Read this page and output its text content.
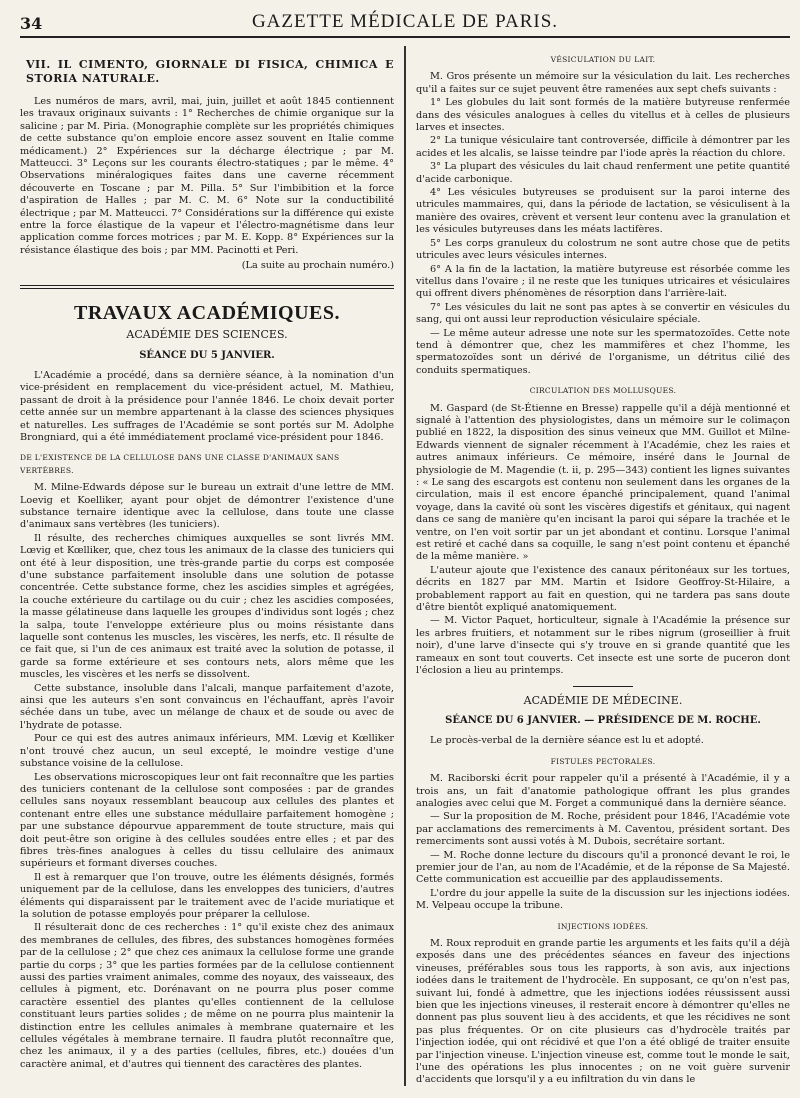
34	GAZETTE MÉDICALE DE PARIS.
VII. IL CIMENTO, GIORNALE DI FISICA, CHIMICA E STORIA NATURALE.

Les numéros de mars, avril, mai, juin, juillet et août 1845 contiennent les travaux originaux suivants : 1° Recherches de chimie organique sur la salicine ; par M. Piria. (Monographie complète sur les propriétés chimiques de cette substance qu'on emploie encore assez souvent en Italie comme médicament.) 2° Expériences sur la décharge électrique ; par M. Matteucci. 3° Leçons sur les courants électro-statiques ; par le même. 4° Observations minéralogiques faites dans une caverne récemment découverte en Toscane ; par M. Pilla. 5° Sur l'imbibition et la force d'aspiration de Halles ; par M. C. M. 6° Note sur la conductibilité électrique ; par M. Matteucci. 7° Considérations sur la différence qui existe entre la force élastique de la vapeur et l'électro-magnétisme dans leur application comme forces motrices ; par M. E. Kopp. 8° Expériences sur la résistance élastique des bois ; par MM. Pacinotti et Peri.

(La suite au prochain numéro.)

TRAVAUX ACADÉMIQUES.
ACADÉMIE DES SCIENCES.
SÉANCE DU 5 JANVIER.

L'Académie a procédé, dans sa dernière séance, à la nomination d'un vice-président en remplacement du vice-président actuel, M. Mathieu, passant de droit à la présidence pour l'année 1846. Le choix devait porter cette année sur un membre appartenant à la classe des sciences physiques et naturelles. Les suffrages de l'Académie se sont portés sur M. Adolphe Brongniard, qui a été immédiatement proclamé vice-président pour 1846.

DE L'EXISTENCE DE LA CELLULOSE DANS UNE CLASSE D'ANIMAUX SANS VERTÈBRES.

M. Milne-Edwards dépose sur le bureau un extrait d'une lettre de MM. Loevig et Koelliker, ayant pour objet de démontrer l'existence d'une substance ternaire identique avec la cellulose, dans toute une classe d'animaux sans vertèbres (les tuniciers).

Il résulte, des recherches chimiques auxquelles se sont livrés MM. Lœvig et Kœlliker, que, chez tous les animaux de la classe des tuniciers qui ont été à leur disposition, une très-grande partie du corps est composée d'une substance parfaitement insoluble dans une solution de potasse concentrée. Cette substance forme, chez les ascidies simples et agrégées, la couche extérieure du cartilage ou du cuir ; chez les ascidies composées, la masse gélatineuse dans laquelle les groupes d'individus sont logés ; chez la salpa, toute l'enveloppe extérieure plus ou moins résistante dans laquelle sont contenus les muscles, les viscères, les nerfs, etc. Il résulte de ce fait que, si l'un de ces animaux est traité avec la solution de potasse, il garde sa forme extérieure et ses contours nets, alors même que les muscles, les viscères et les nerfs se dissolvent.

Cette substance, insoluble dans l'alcali, manque parfaitement d'azote, ainsi que les auteurs s'en sont convaincus en l'échauffant, après l'avoir séchée dans un tube, avec un mélange de chaux et de soude ou avec de l'hydrate de potasse.

Pour ce qui est des autres animaux inférieurs, MM. Lœvig et Kœlliker n'ont trouvé chez aucun, un seul excepté, le moindre vestige d'une substance voisine de la cellulose.

Les observations microscopiques leur ont fait reconnaître que les parties des tuniciers contenant de la cellulose sont composées : par de grandes cellules sans noyaux ressemblant beaucoup aux cellules des plantes et contenant entre elles une substance médullaire parfaitement homogène ; par une substance dépourvue apparemment de toute structure, mais qui doit peut-être son origine à des cellules soudées entre elles ; et par des fibres très-fines analogues à celles du tissu cellulaire des animaux supérieurs et formant diverses couches.

Il est à remarquer que l'on trouve, outre les éléments désignés, formés uniquement par de la cellulose, dans les enveloppes des tuniciers, d'autres éléments qui disparaissent par le traitement avec de l'acide muriatique et la solution de potasse employés pour préparer la cellulose.

Il résulterait donc de ces recherches : 1° qu'il existe chez des animaux des membranes de cellules, des fibres, des substances homogènes formées par de la cellulose ; 2° que chez ces animaux la cellulose forme une grande partie du corps ; 3° que les parties formées par de la cellulose contiennent aussi des parties vraiment animales, comme des noyaux, des vaisseaux, des cellules à pigment, etc. Dorénavant on ne pourra plus poser comme caractère essentiel des plantes qu'elles contiennent de la cellulose constituant leurs parties solides ; de même on ne pourra plus maintenir la distinction entre les cellules animales à membrane quaternaire et les cellules végétales à membrane ternaire. Il faudra plutôt reconnaître que, chez les animaux, il y a des parties (cellules, fibres, etc.) douées d'un caractère animal, et d'autres qui tiennent des caractères des plantes.

VÉSICULATION DU LAIT.

M. Gros présente un mémoire sur la vésiculation du lait. Les recherches qu'il a faites sur ce sujet peuvent être ramenées aux sept chefs suivants :

1° Les globules du lait sont formés de la matière butyreuse renfermée dans des vésicules analogues à celles du vitellus et à celles de plusieurs larves et insectes.

2° La tunique vésiculaire tant controversée, difficile à démontrer par les acides et les alcalis, se laisse teindre par l'iode après la réaction du chlore.

3° La plupart des vésicules du lait chaud renferment une petite quantité d'acide carbonique.

4° Les vésicules butyreuses se produisent sur la paroi interne des utricules mammaires, qui, dans la période de lactation, se vésiculisent à la manière des ovaires, crèvent et versent leur contenu avec la granulation et les vésicules butyreuses dans les méats lactifères.

5° Les corps granuleux du colostrum ne sont autre chose que de petits utricules avec leurs vésicules internes.

6° A la fin de la lactation, la matière butyreuse est résorbée comme les vitellus dans l'ovaire ; il ne reste que les tuniques utricaires et vésiculaires qui offrent divers phénomènes de résorption dans l'arrière-lait.

7° Les vésicules du lait ne sont pas aptes à se convertir en vésicules du sang, qui ont aussi leur reproduction vésiculaire spéciale.

— Le même auteur adresse une note sur les spermatozoïdes. Cette note tend à démontrer que, chez les mammifères et chez l'homme, les spermatozoïdes sont un dérivé de l'organisme, un détritus cilié des conduits spermatiques.

CIRCULATION DES MOLLUSQUES.

M. Gaspard (de St-Étienne en Bresse) rappelle qu'il a déjà mentionné et signalé à l'attention des physiologistes, dans un mémoire sur le colimaçon publié en 1822, la disposition des sinus veineux que MM. Guillot et Milne-Edwards viennent de signaler récemment à l'Académie, chez les raies et autres animaux inférieurs. Ce mémoire, inséré dans le Journal de physiologie de M. Magendie (t. ii, p. 295—343) contient les lignes suivantes : « Le sang des escargots est contenu non seulement dans les organes de la circulation, mais il est encore épanché principalement, quand l'animal voyage, dans la cavité où sont les viscères digestifs et génitaux, qui nagent dans ce sang de manière qu'en incisant la paroi qui sépare la trachée et le ventre, on l'en voit sortir par un jet abondant et continu. Lorsque l'animal est retiré et caché dans sa coquille, le sang n'est point contenu et épanché de la même manière. »

L'auteur ajoute que l'existence des canaux péritonéaux sur les tortues, décrits en 1827 par MM. Martin et Isidore Geoffroy-St-Hilaire, a probablement rapport au fait en question, qui ne tardera pas sans doute d'être bientôt expliqué anatomiquement.

— M. Victor Paquet, horticulteur, signale à l'Académie la présence sur les arbres fruitiers, et notamment sur le ribes nigrum (groseillier à fruit noir), d'une larve d'insecte qui s'y trouve en si grande quantité que les rameaux en sont tout couverts. Cet insecte est une sorte de puceron dont l'éclosion a lieu au printemps.

ACADÉMIE DE MÉDECINE.
SÉANCE DU 6 JANVIER. — PRÉSIDENCE DE M. ROCHE.

Le procès-verbal de la dernière séance est lu et adopté.

FISTULES PECTORALES.

M. Raciborski écrit pour rappeler qu'il a présenté à l'Académie, il y a trois ans, un fait d'anatomie pathologique offrant les plus grandes analogies avec celui que M. Forget a communiqué dans la dernière séance.

— Sur la proposition de M. Roche, président pour 1846, l'Académie vote par acclamations des remerciments à M. Caventou, président sortant. Des remerciments sont aussi votés à M. Dubois, secrétaire sortant.

— M. Roche donne lecture du discours qu'il a prononcé devant le roi, le premier jour de l'an, au nom de l'Académie, et de la réponse de Sa Majesté. Cette communication est accueillie par des applaudissements.

L'ordre du jour appelle la suite de la discussion sur les injections iodées. M. Velpeau occupe la tribune.

INJECTIONS IODÉES.

M. Roux reproduit en grande partie les arguments et les faits qu'il a déjà exposés dans une des précédentes séances en faveur des injections vineuses, préférables sous tous les rapports, à son avis, aux injections iodées dans le traitement de l'hydrocèle. En supposant, ce qu'on n'est pas, suivant lui, fondé à admettre, que les injections iodées réussissent aussi bien que les injections vineuses, il resterait encore à démontrer qu'elles ne donnent pas plus souvent lieu à des accidents, et que les récidives ne sont pas plus fréquentes. Or on cite plusieurs cas d'hydrocèle traités par l'injection iodée, qui ont récidivé et que l'on a été obligé de traiter ensuite par l'injection vineuse. L'injection vineuse est, comme tout le monde le sait, l'une des opérations les plus innocentes ; on ne voit guère survenir d'accidents que lorsqu'il y a eu infiltration du vin dans le
